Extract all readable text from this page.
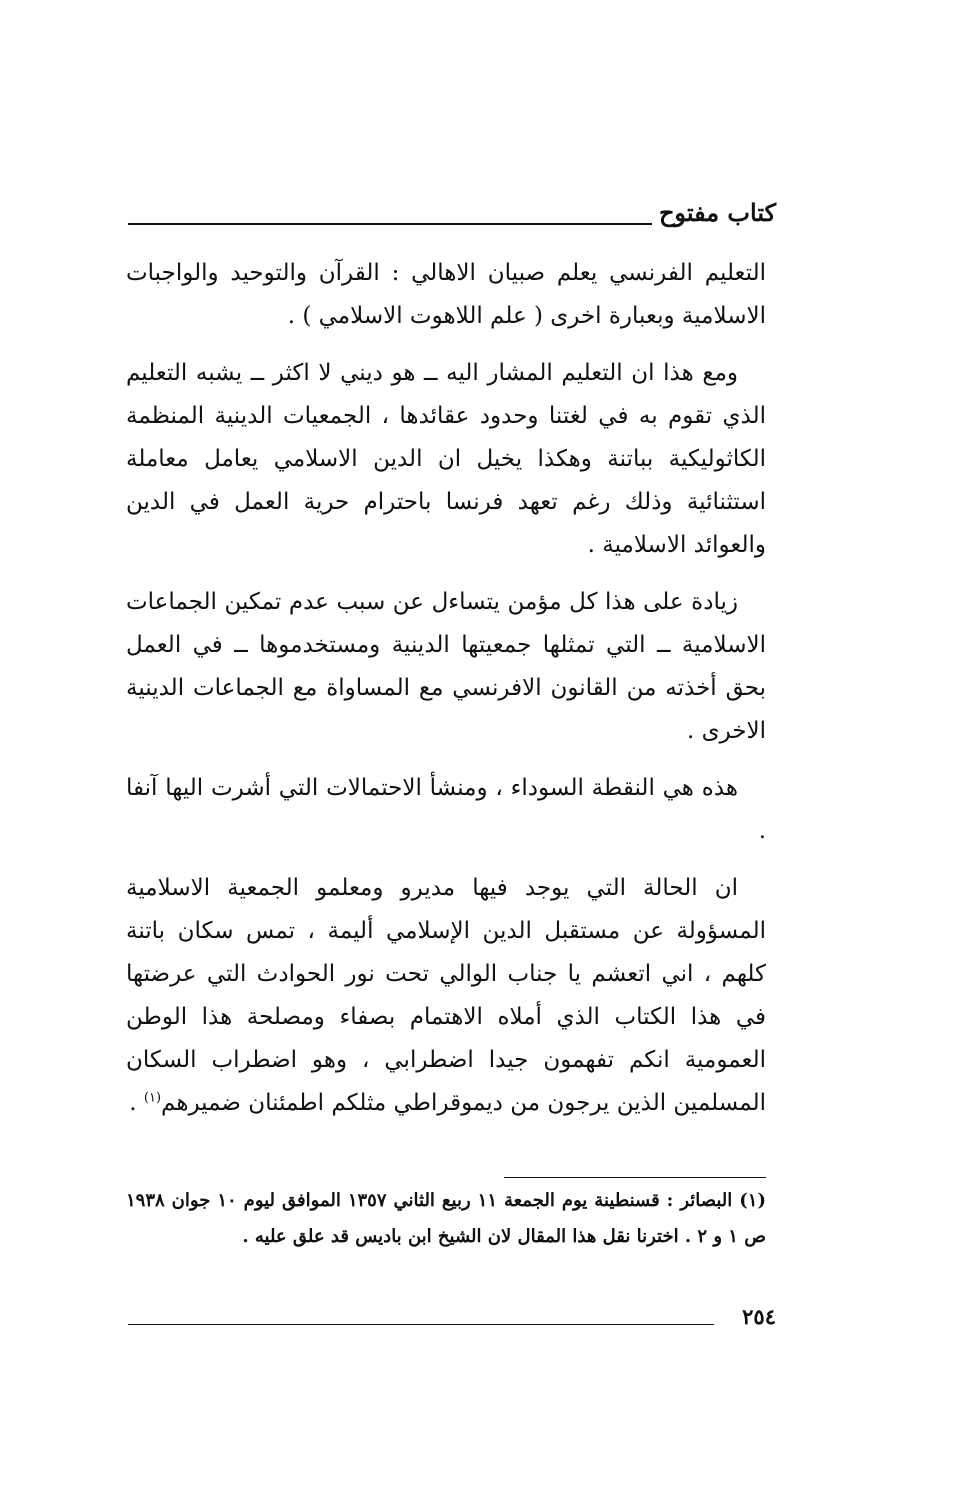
كتاب مفتوح

التعليم الفرنسي يعلم صبيان الاهالي : القرآن والتوحيد والواجبات الاسلامية وبعبارة اخرى ( علم اللاهوت الاسلامي ) .

ومع هذا ان التعليم المشار اليه ــ هو ديني لا اكثر ــ يشبه التعليم الذي تقوم به في لغتنا وحدود عقائدها ، الجمعيات الدينية المنظمة الكاثوليكية بباتنة وهكذا يخيل ان الدين الاسلامي يعامل معاملة استثنائية وذلك رغم تعهد فرنسا باحترام حرية العمل في الدين والعوائد الاسلامية .

زيادة على هذا كل مؤمن يتساءل عن سبب عدم تمكين الجماعات الاسلامية ــ التي تمثلها جمعيتها الدينية ومستخدموها ــ في العمل بحق أخذته من القانون الافرنسي مع المساواة مع الجماعات الدينية الاخرى .

هذه هي النقطة السوداء ، ومنشأ الاحتمالات التي أشرت اليها آنفا .

ان الحالة التي يوجد فيها مديرو ومعلمو الجمعية الاسلامية المسؤولة عن مستقبل الدين الإسلامي أليمة ، تمس سكان باتنة كلهم ، اني اتعشم يا جناب الوالي تحت نور الحوادث التي عرضتها في هذا الكتاب الذي أملاه الاهتمام بصفاء ومصلحة هذا الوطن العمومية انكم تفهمون جيدا اضطرابي ، وهو اضطراب السكان المسلمين الذين يرجون من ديموقراطي مثلكم اطمئنان ضميرهم$^{(١)}$ .

(١) البصائر : قسنطينة يوم الجمعة ١١ ربيع الثاني ١٣٥٧ الموافق ليوم ١٠ جوان ١٩٣٨ ص ١ و ٢ . اخترنا نقل هذا المقال لان الشيخ ابن باديس قد علق عليه .

٢٥٤
